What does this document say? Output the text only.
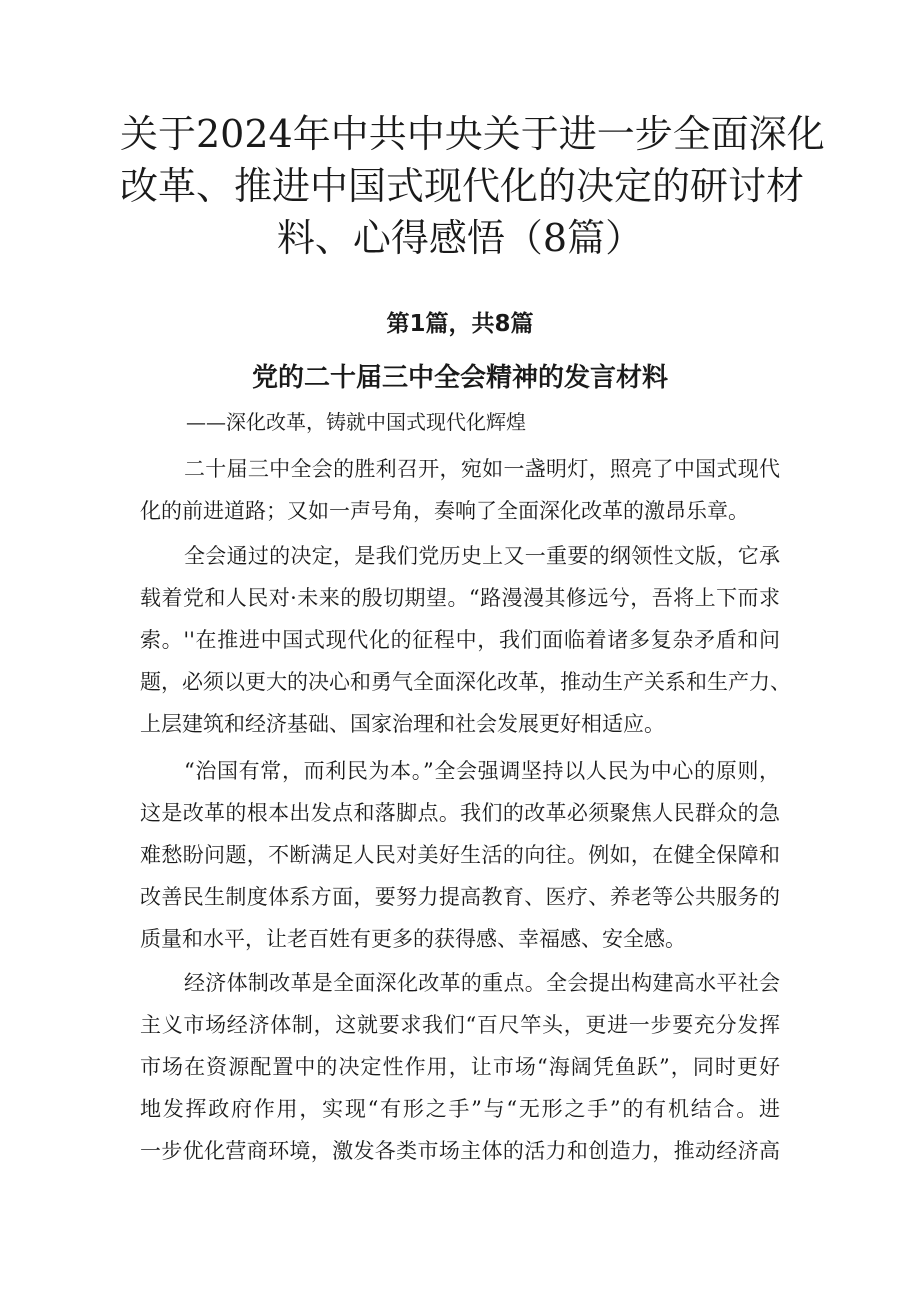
关于2024年中共中央关于进一步全面深化
改革、推进中国式现代化的决定的研讨材
料、心得感悟（8篇）
第1篇，共8篇
党的二十届三中全会精神的发言材料
——深化改革，铸就中国式现代化辉煌
二十届三中全会的胜利召开，宛如一盏明灯，照亮了中国式现代
化的前进道路；又如一声号角，奏响了全面深化改革的激昂乐章。
全会通过的决定，是我们党历史上又一重要的纲领性文版，它承
载着党和人民对·未来的殷切期望。“路漫漫其修远兮，吾将上下而求
索。''在推进中国式现代化的征程中，我们面临着诸多复杂矛盾和问
题，必须以更大的决心和勇气全面深化改革，推动生产关系和生产力、
上层建筑和经济基础、国家治理和社会发展更好相适应。
“治国有常，而利民为本。”全会强调坚持以人民为中心的原则，
这是改革的根本出发点和落脚点。我们的改革必须聚焦人民群众的急
难愁盼问题，不断满足人民对美好生活的向往。例如，在健全保障和
改善民生制度体系方面，要努力提高教育、医疗、养老等公共服务的
质量和水平，让老百姓有更多的获得感、幸福感、安全感。
经济体制改革是全面深化改革的重点。全会提出构建高水平社会
主义市场经济体制，这就要求我们“百尺竿头，更进一步要充分发挥
市场在资源配置中的决定性作用，让市场“海阔凭鱼跃”，同时更好
地发挥政府作用，实现“有形之手”与“无形之手”的有机结合。进
一步优化营商环境，激发各类市场主体的活力和创造力，推动经济高
